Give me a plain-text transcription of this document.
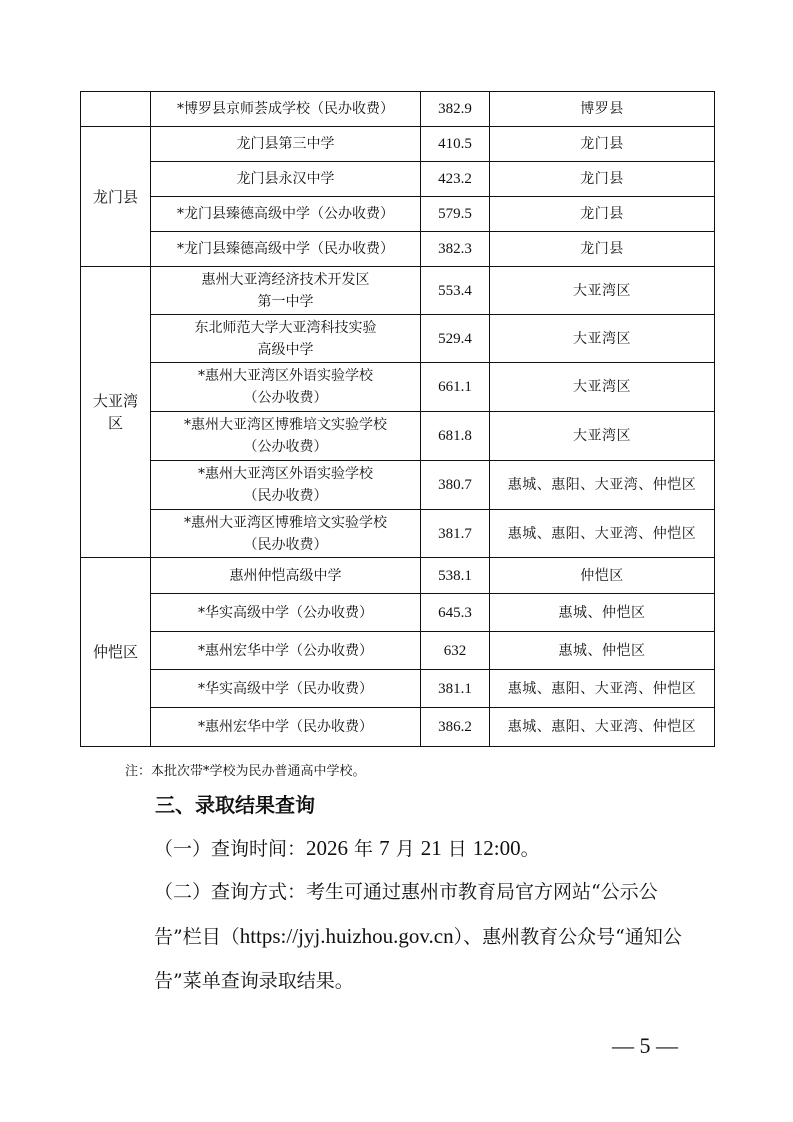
	*博罗县京师荟成学校（民办收费）	382.9	博罗县
龙门县	龙门县第三中学	410.5	龙门县

	龙门县永汉中学	423.2	龙门县

	*龙门县臻德高级中学（公办收费）	579.5	龙门县

	*龙门县臻德高级中学（民办收费）	382.3	龙门县

大亚湾
区	惠州大亚湾经济技术开发区
第一中学	553.4	大亚湾区

	东北师范大学大亚湾科技实验
高级中学	529.4	大亚湾区

	*惠州大亚湾区外语实验学校
（公办收费）	661.1	大亚湾区

	*惠州大亚湾区博雅培文实验学校
（公办收费）	681.8	大亚湾区

	*惠州大亚湾区外语实验学校
（民办收费）	380.7	惠城、惠阳、大亚湾、仲恺区

	*惠州大亚湾区博雅培文实验学校
（民办收费）	381.7	惠城、惠阳、大亚湾、仲恺区
仲恺区	惠州仲恺高级中学	538.1	仲恺区

	*华实高级中学（公办收费）	645.3	惠城、仲恺区

	*惠州宏华中学（公办收费）	632	惠城、仲恺区

	*华实高级中学（民办收费）	381.1	惠城、惠阳、大亚湾、仲恺区

	*惠州宏华中学（民办收费）	386.2	惠城、惠阳、大亚湾、仲恺区
注：本批次带*学校为民办普通高中学校。
三、录取结果查询
（一）查询时间：2026 年 7 月 21 日 12:00。
（二）查询方式：考生可通过惠州市教育局官方网站“公示公告”栏目（https://jyj.huizhou.gov.cn）、惠州教育公众号“通知公告”菜单查询录取结果。
— 5 —
